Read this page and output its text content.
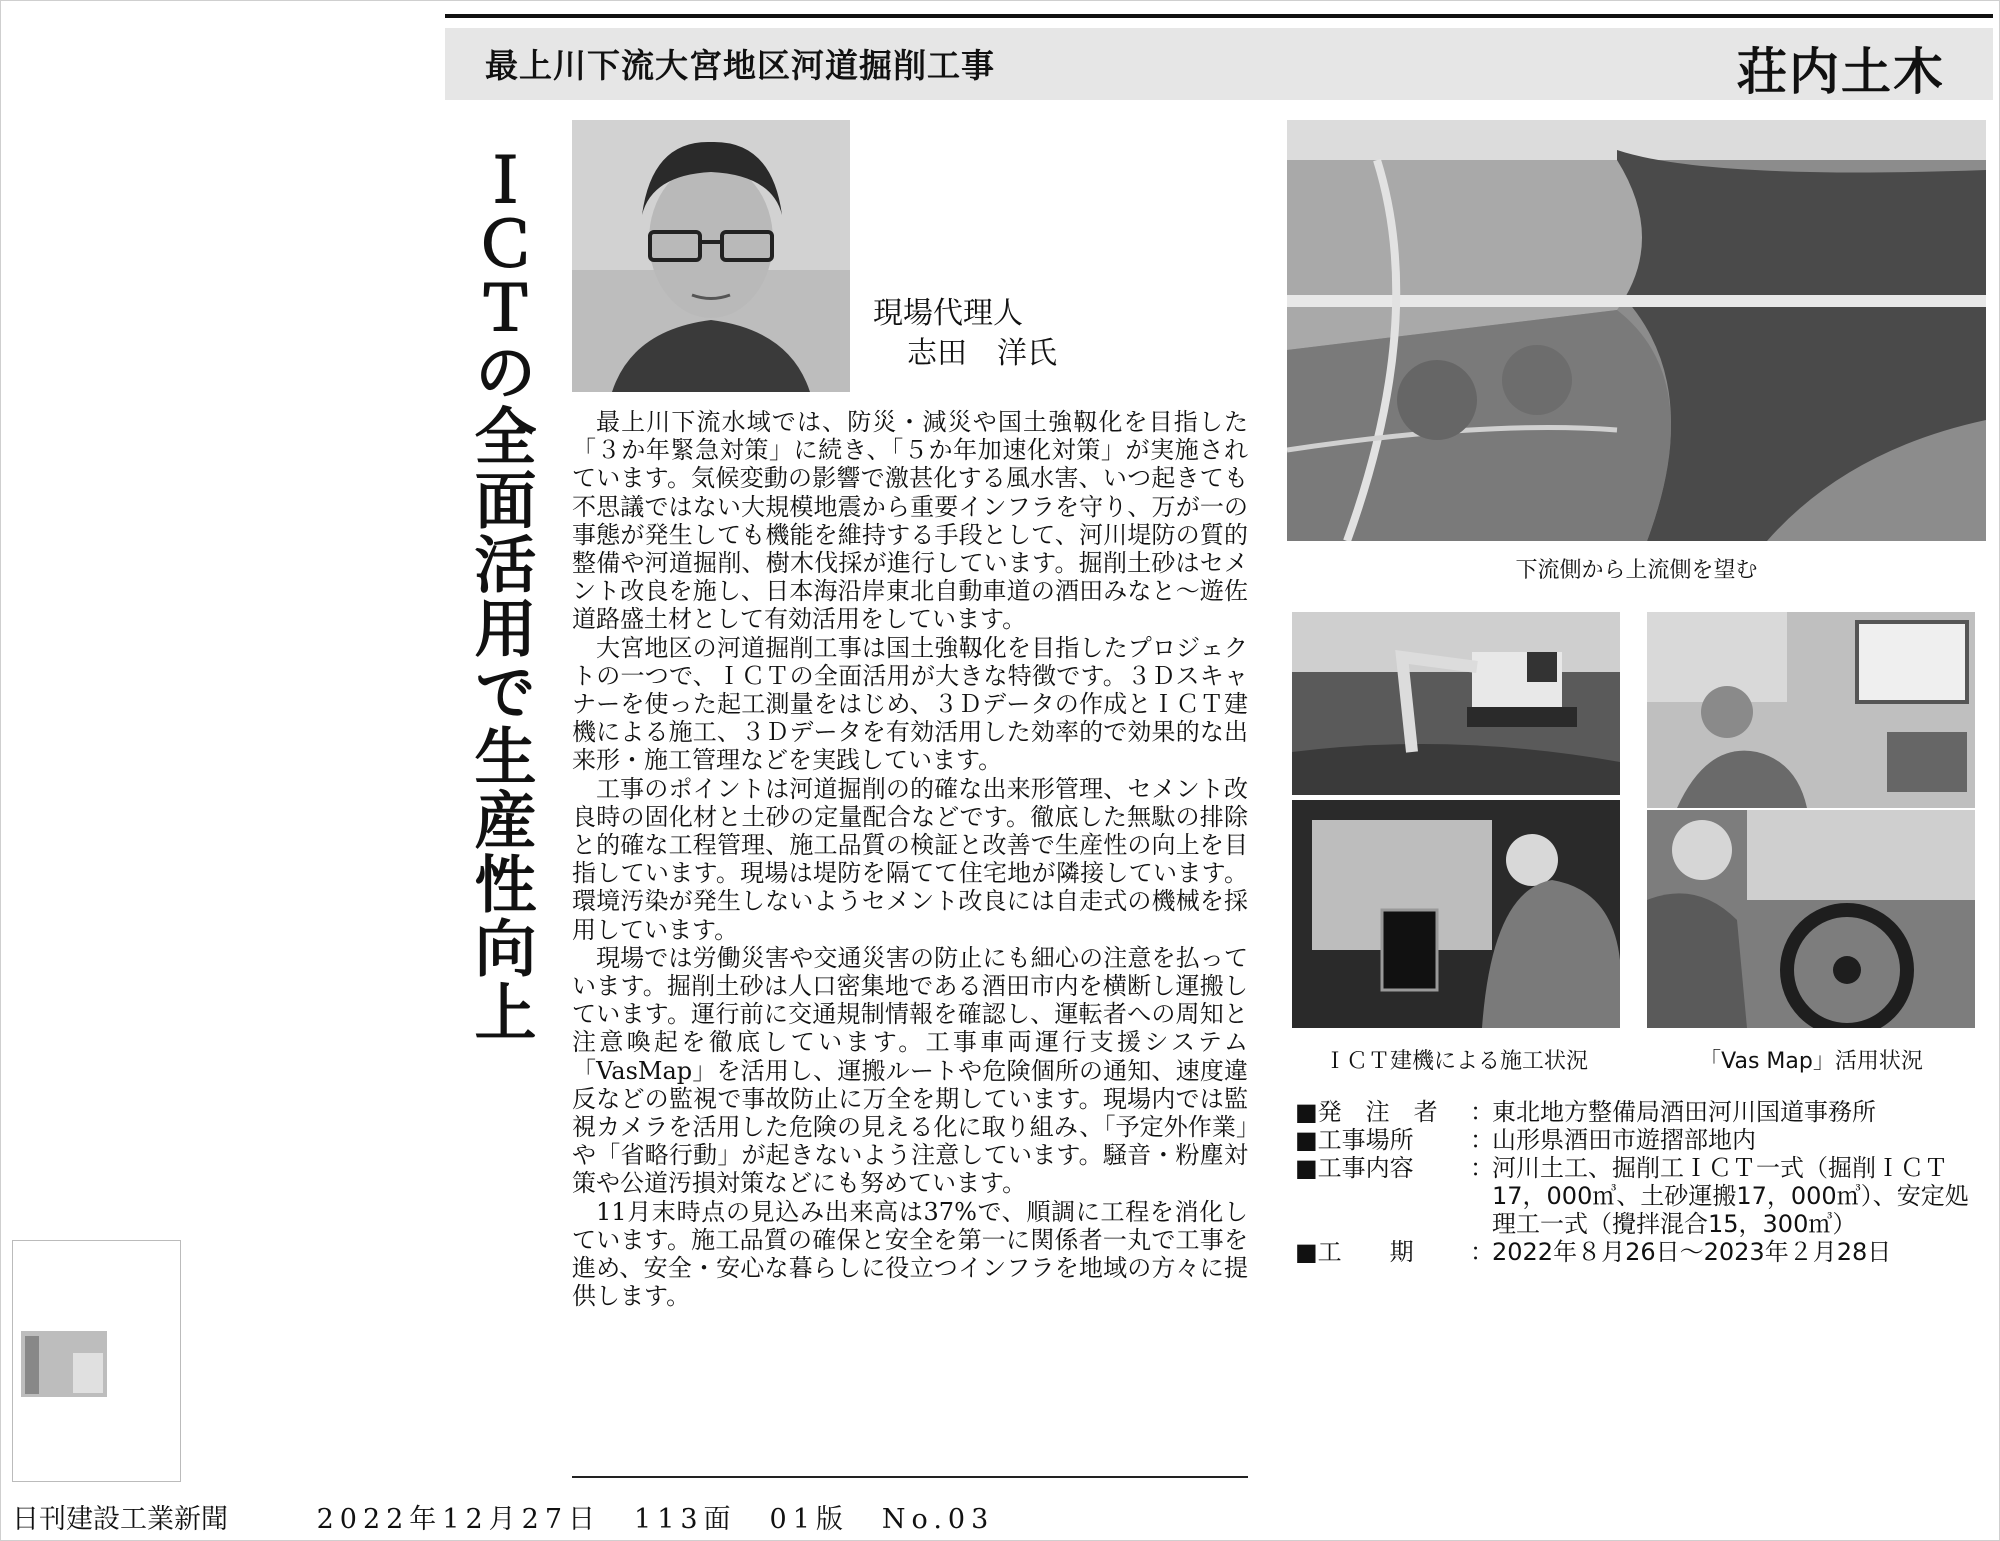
最上川下流大宮地区河道掘削工事	荘内土木
ＩＣＴの全面活用で生産性向上	現場代理人
志田　洋氏

最上川下流水域では、防災・減災や国土強靱化を目指した「３か年緊急対策」に続き、「５か年加速化対策」が実施されています。気候変動の影響で激甚化する風水害、いつ起きても不思議ではない大規模地震から重要インフラを守り、万が一の事態が発生しても機能を維持する手段として、河川堤防の質的整備や河道掘削、樹木伐採が進行しています。掘削土砂はセメント改良を施し、日本海沿岸東北自動車道の酒田みなと～遊佐道路盛土材として有効活用をしています。

大宮地区の河道掘削工事は国土強靱化を目指したプロジェクトの一つで、ＩＣＴの全面活用が大きな特徴です。３Ｄスキャナーを使った起工測量をはじめ、３Ｄデータの作成とＩＣＴ建機による施工、３Ｄデータを有効活用した効率的で効果的な出来形・施工管理などを実践しています。

工事のポイントは河道掘削の的確な出来形管理、セメント改良時の固化材と土砂の定量配合などです。徹底した無駄の排除と的確な工程管理、施工品質の検証と改善で生産性の向上を目指しています。現場は堤防を隔てて住宅地が隣接しています。環境汚染が発生しないようセメント改良には自走式の機械を採用しています。

現場では労働災害や交通災害の防止にも細心の注意を払っています。掘削土砂は人口密集地である酒田市内を横断し運搬しています。運行前に交通規制情報を確認し、運転者への周知と注意喚起を徹底しています。工事車両運行支援システム「VasMap」を活用し、運搬ルートや危険個所の通知、速度違反などの監視で事故防止に万全を期しています。現場内では監視カメラを活用した危険の見える化に取り組み、「予定外作業」や「省略行動」が起きないよう注意しています。騒音・粉塵対策や公道汚損対策などにも努めています。

11月末時点の見込み出来高は37%で、順調に工程を消化しています。施工品質の確保と安全を第一に関係者一丸で工事を進め、安全・安心な暮らしに役立つインフラを地域の方々に提供します。

下流側から上流側を望む
ＩＣＴ建機による施工状況	「Vas Map」活用状況
■発　注　者	：
東北地方整備局酒田河川国道事務所
■工事場所	：
山形県酒田市遊摺部地内
■工事内容	：
河川土工、掘削工ＩＣＴ一式（掘削ＩＣＴ17，000㎥、土砂運搬17，000㎥）、安定処理工一式（攪拌混合15，300㎥）
■工　　期	：
2022年８月26日～2023年２月28日
日刊建設工業新聞	2022年12月27日　113面　01版　No.03
